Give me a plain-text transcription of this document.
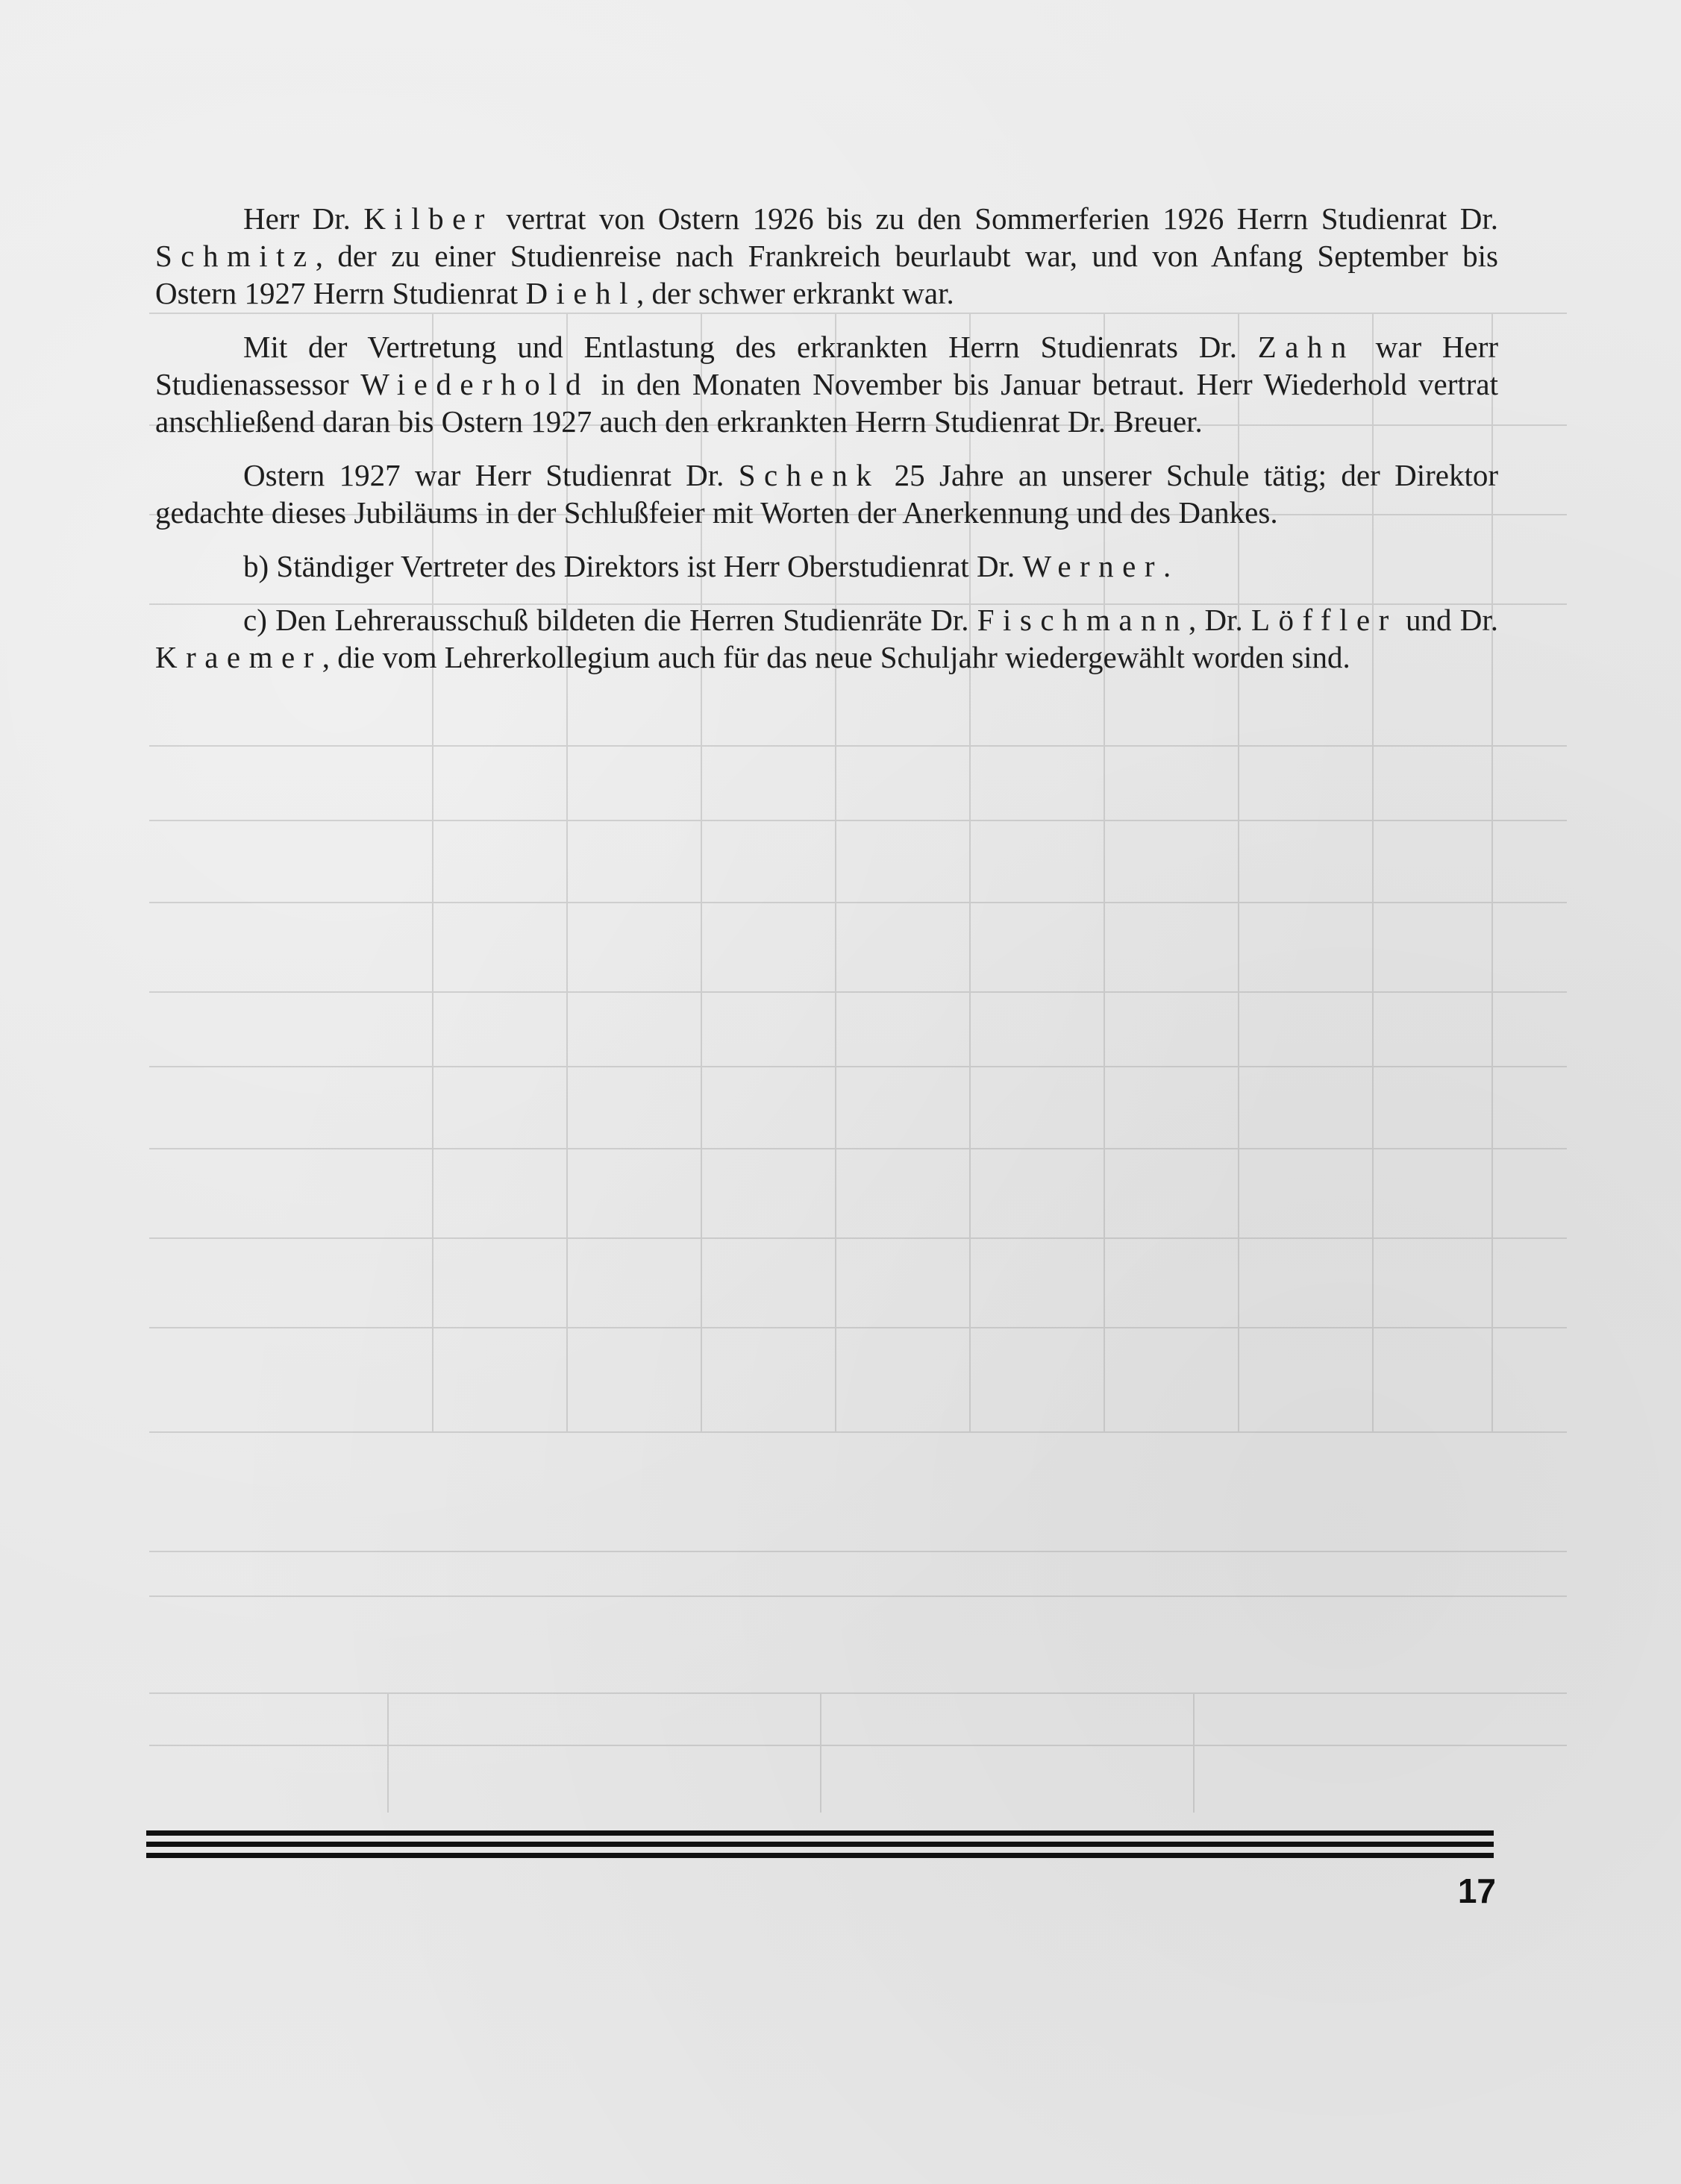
Herr Dr. Kilber vertrat von Ostern 1926 bis zu den Sommerferien 1926 Herrn Studienrat Dr. Schmitz, der zu einer Studienreise nach Frankreich beurlaubt war, und von Anfang September bis Ostern 1927 Herrn Studienrat Diehl, der schwer erkrankt war.

Mit der Vertretung und Entlastung des erkrankten Herrn Studienrats Dr. Zahn war Herr Studienassessor Wiederhold in den Monaten November bis Januar betraut. Herr Wiederhold vertrat anschließend daran bis Ostern 1927 auch den erkrankten Herrn Studienrat Dr. Breuer.

Ostern 1927 war Herr Studienrat Dr. Schenk 25 Jahre an unserer Schule tätig; der Direktor gedachte dieses Jubiläums in der Schlußfeier mit Worten der Anerkennung und des Dankes.

b) Ständiger Vertreter des Direktors ist Herr Oberstudienrat Dr. Werner.

c) Den Lehrerausschuß bildeten die Herren Studienräte Dr. Fischmann, Dr. Löffler und Dr. Kraemer, die vom Lehrerkollegium auch für das neue Schuljahr wiedergewählt worden sind.

17
